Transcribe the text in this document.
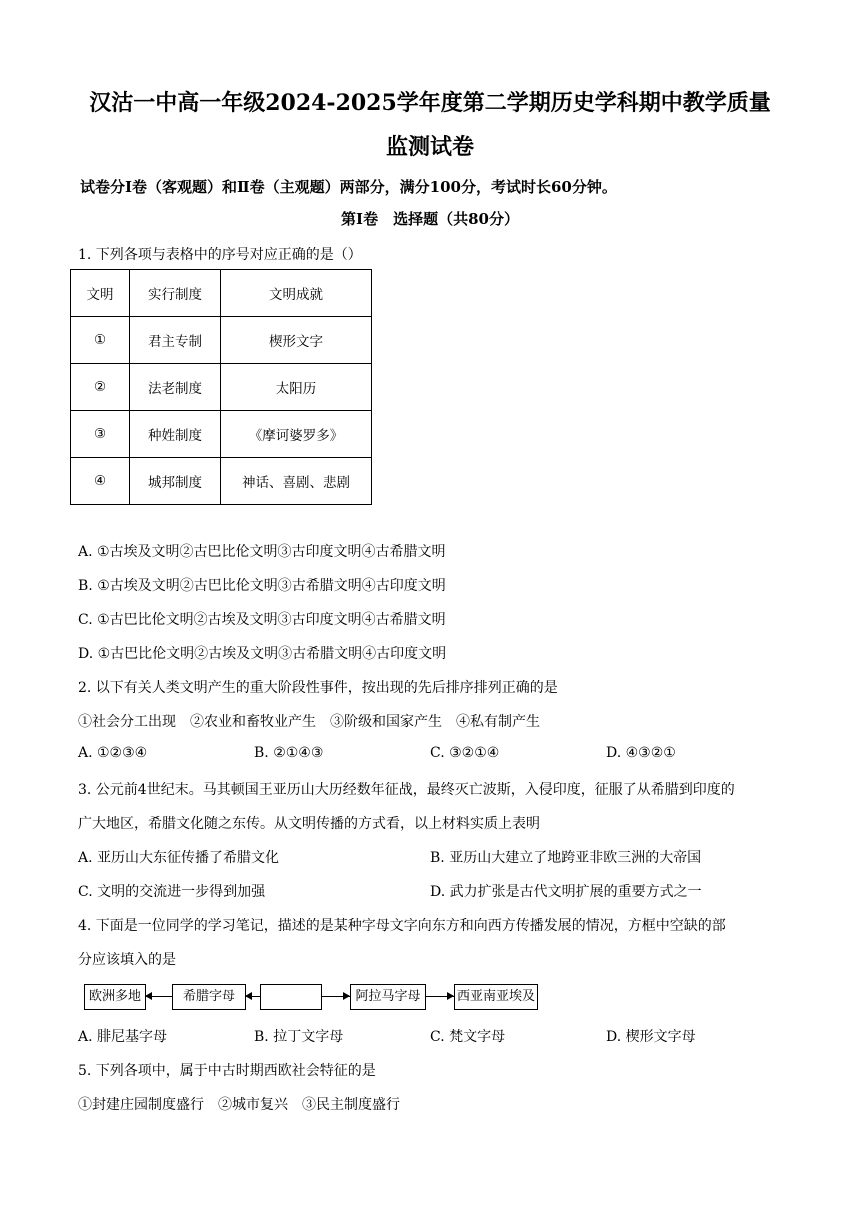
汉沽一中高一年级2024-2025学年度第二学期历史学科期中教学质量
监测试卷
试卷分Ⅰ卷（客观题）和Ⅱ卷（主观题）两部分，满分100分，考试时长60分钟。
第Ⅰ卷　选择题（共80分）
1. 下列各项与表格中的序号对应正确的是（）
文明	实行制度	文明成就
①	君主专制	楔形文字
②	法老制度	太阳历
③	种姓制度	《摩诃婆罗多》
④	城邦制度	神话、喜剧、悲剧
A. ①古埃及文明②古巴比伦文明③古印度文明④古希腊文明
B. ①古埃及文明②古巴比伦文明③古希腊文明④古印度文明
C. ①古巴比伦文明②古埃及文明③古印度文明④古希腊文明
D. ①古巴比伦文明②古埃及文明③古希腊文明④古印度文明
2. 以下有关人类文明产生的重大阶段性事件，按出现的先后排序排列正确的是
①社会分工出现　②农业和畜牧业产生　③阶级和国家产生　④私有制产生
A. ①②③④	B. ②①④③	C. ③②①④	D. ④③②①
3. 公元前4世纪末。马其顿国王亚历山大历经数年征战，最终灭亡波斯，入侵印度，征服了从希腊到印度的
广大地区，希腊文化随之东传。从文明传播的方式看，以上材料实质上表明
A. 亚历山大东征传播了希腊文化	B. 亚历山大建立了地跨亚非欧三洲的大帝国
C. 文明的交流进一步得到加强	D. 武力扩张是古代文明扩展的重要方式之一
4. 下面是一位同学的学习笔记，描述的是某种字母文字向东方和向西方传播发展的情况，方框中空缺的部
分应该填入的是
欧洲多地	希腊字母	阿拉马字母	西亚南亚埃及
A. 腓尼基字母	B. 拉丁文字母	C. 梵文字母	D. 楔形文字母
5. 下列各项中，属于中古时期西欧社会特征的是
①封建庄园制度盛行　②城市复兴　③民主制度盛行
